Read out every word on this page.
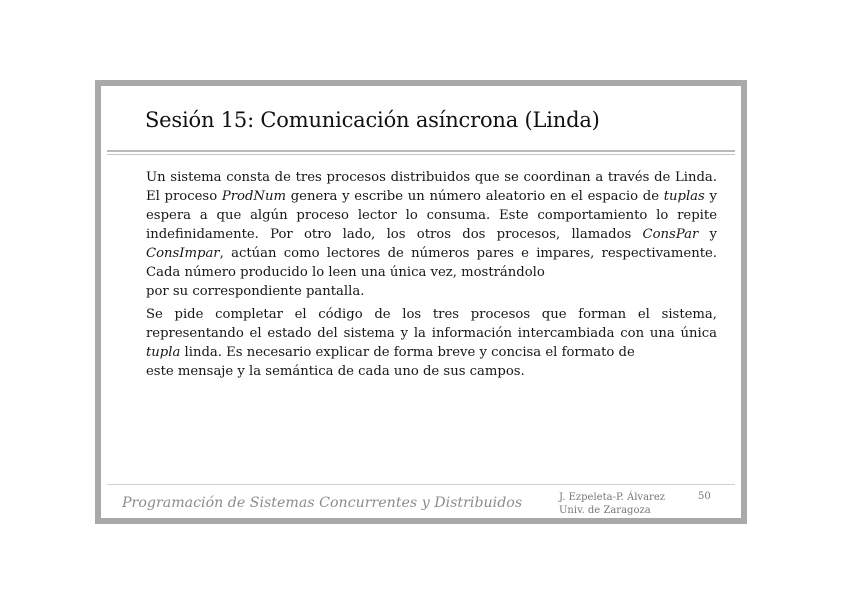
Sesión 15: Comunicación asíncrona (Linda)

Un sistema consta de tres procesos distribuidos que se coordinan a través de Linda. El proceso ProdNum genera y escribe un número aleatorio en el espacio de tuplas y espera a que algún proceso lector lo consuma. Este comportamiento lo repite indefinidamente. Por otro lado, los otros dos procesos, llamados ConsPar y ConsImpar, actúan como lectores de números pares e impares, respectivamente. Cada número producido lo leen una única vez, mostrándolo
por su correspondiente pantalla.

Se pide completar el código de los tres procesos que forman el sistema, representando el estado del sistema y la información intercambiada con una única tupla linda. Es necesario explicar de forma breve y concisa el formato de
este mensaje y la semántica de cada uno de sus campos.

Programación de Sistemas Concurrentes y Distribuidos	J. Ezpeleta-P. Álvarez
Univ. de Zaragoza
50
